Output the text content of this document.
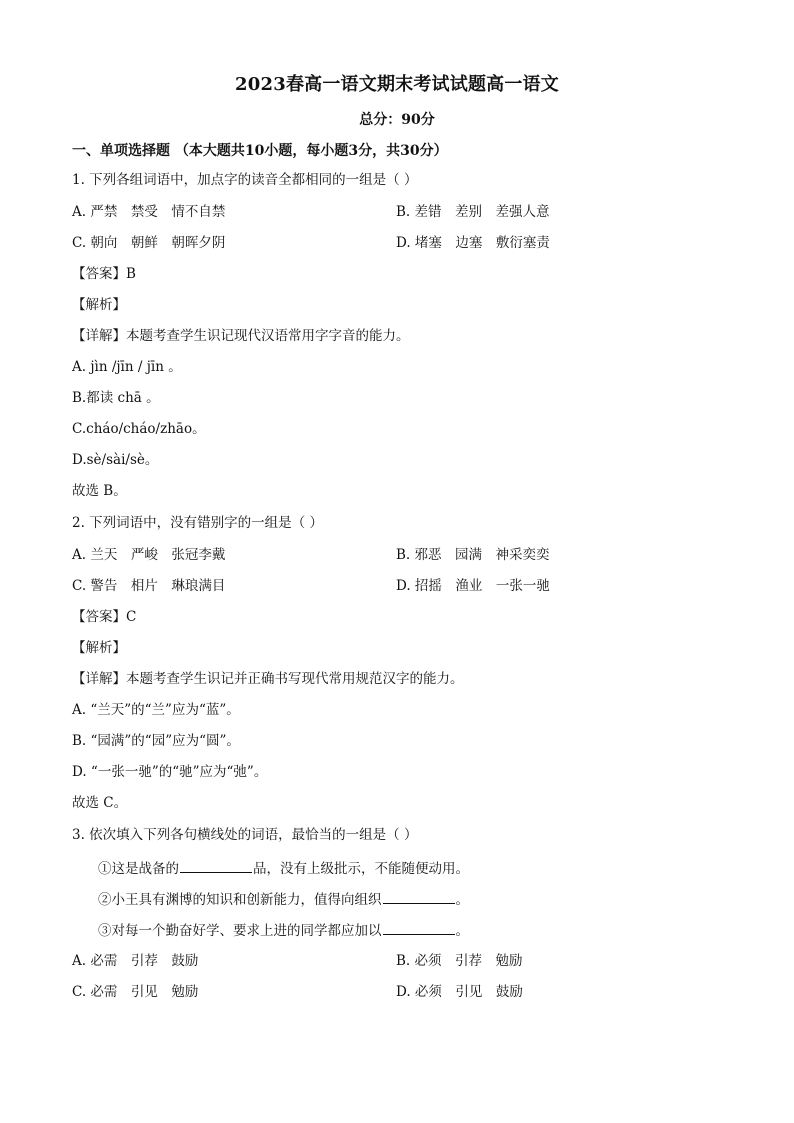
2023春高一语文期末考试试题高一语文
总分：90分
一、单项选择题 （本大题共10小题，每小题3分，共30分）
1. 下列各组词语中，加点字的读音全都相同的一组是（ ）
A. 严禁　禁受　情不自禁	B. 差错　差别　差强人意
C. 朝向　朝鲜　朝晖夕阴	D. 堵塞　边塞　敷衍塞责
【答案】B
【解析】
【详解】本题考查学生识记现代汉语常用字字音的能力。
A. jìn /jīn / jīn 。
B.都读 chā 。
C.cháo/cháo/zhāo。
D.sè/sài/sè。
故选 B。
2. 下列词语中，没有错别字的一组是（ ）
A. 兰天　严峻　张冠李戴	B. 邪恶　园满　神采奕奕
C. 警告　相片　琳琅满目	D. 招摇　渔业　一张一驰
【答案】C
【解析】
【详解】本题考查学生识记并正确书写现代常用规范汉字的能力。
A. “兰天”的“兰”应为“蓝”。
B. “园满”的“园”应为“圆”。
D. “一张一驰”的“驰”应为“弛”。
故选 C。
3. 依次填入下列各句横线处的词语，最恰当的一组是（ ）
①这是战备的	品，没有上级批示，不能随便动用。
②小王具有渊博的知识和创新能力，值得向组织	。
③对每一个勤奋好学、要求上进的同学都应加以	。
A. 必需　引荐　鼓励	B. 必须　引荐　勉励
C. 必需　引见　勉励	D. 必须　引见　鼓励
